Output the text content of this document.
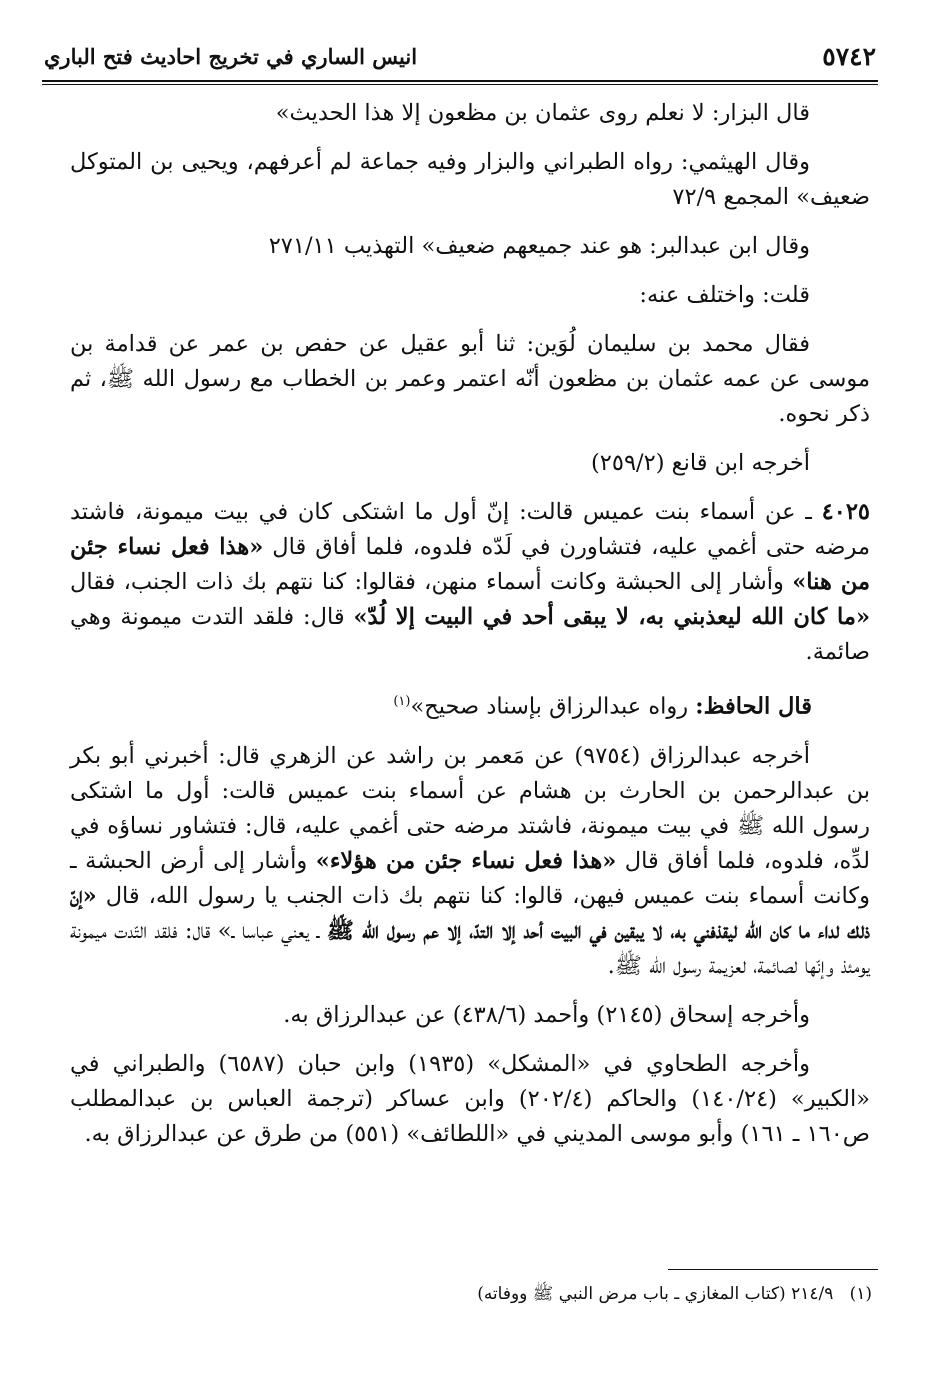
٥٧٤٢
انيس الساري في تخريج احاديث فتح الباري

قال البزار: لا نعلم روى عثمان بن مظعون إلا هذا الحديث»

وقال الهيثمي: رواه الطبراني والبزار وفيه جماعة لم أعرفهم، ويحيى بن المتوكل ضعيف» المجمع ٧٢/٩

وقال ابن عبدالبر: هو عند جميعهم ضعيف» التهذيب ٢٧١/١١

قلت: واختلف عنه:

فقال محمد بن سليمان لُوَين: ثنا أبو عقيل عن حفص بن عمر عن قدامة بن موسى عن عمه عثمان بن مظعون أنّه اعتمر وعمر بن الخطاب مع رسول الله ﷺ، ثم ذكر نحوه.

أخرجه ابن قانع (٢٥٩/٢)

٤٠٢٥ ـ عن أسماء بنت عميس قالت: إنّ أول ما اشتكى كان في بيت ميمونة، فاشتد مرضه حتى أغمي عليه، فتشاورن في لَدّه فلدوه، فلما أفاق قال «هذا فعل نساء جئن من هنا» وأشار إلى الحبشة وكانت أسماء منهن، فقالوا: كنا نتهم بك ذات الجنب، فقال «ما كان الله ليعذبني به، لا يبقى أحد في البيت إلا لُدّ» قال: فلقد التدت ميمونة وهي صائمة.

قال الحافظ: رواه عبدالرزاق بإسناد صحيح»$^{(١)}$

أخرجه عبدالرزاق (٩٧٥٤) عن مَعمر بن راشد عن الزهري قال: أخبرني أبو بكر بن عبدالرحمن بن الحارث بن هشام عن أسماء بنت عميس قالت: أول ما اشتكى رسول الله ﷺ في بيت ميمونة، فاشتد مرضه حتى أغمي عليه، قال: فتشاور نساؤه في لدِّه، فلدوه، فلما أفاق قال «هذا فعل نساء جئن من هؤلاء» وأشار إلى أرض الحبشة ـ وكانت أسماء بنت عميس فيهن، قالوا: كنا نتهم بك ذات الجنب يا رسول الله، قال «إنّ ذلك لداء ما كان الله ليقذفني به، لا يبقين في البيت أحد إلا التدّ، إلا عم رسول الله ﷺ ـ يعني عباسا ـ» قال: فلقد التّدت ميمونة يومئذ وإنّها لصائمة، لعزيمة رسول الله ﷺ.

وأخرجه إسحاق (٢١٤٥) وأحمد (٤٣٨/٦) عن عبدالرزاق به.

وأخرجه الطحاوي في «المشكل» (١٩٣٥) وابن حبان (٦٥٨٧) والطبراني في «الكبير» (١٤٠/٢٤) والحاكم (٢٠٢/٤) وابن عساكر (ترجمة العباس بن عبدالمطلب ص١٦٠ ـ ١٦١) وأبو موسى المديني في «اللطائف» (٥٥١) من طرق عن عبدالرزاق به.

(١)   ٢١٤/٩ (كتاب المغازي ـ باب مرض النبي ﷺ ووفاته)
